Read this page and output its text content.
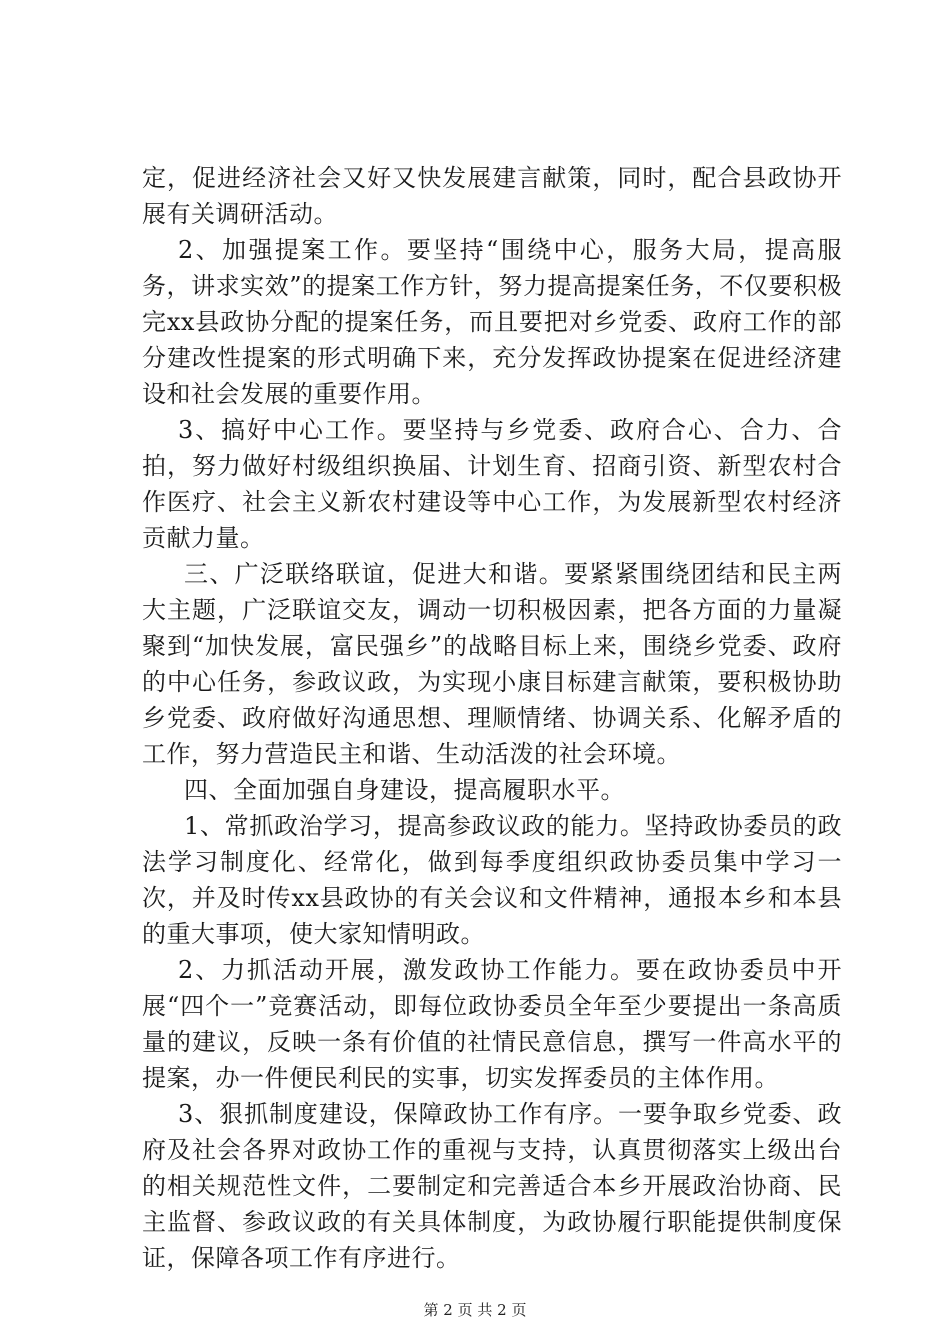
定，促进经济社会又好又快发展建言献策，同时，配合县政协开展有关调研活动。

2、加强提案工作。要坚持“围绕中心，服务大局，提高服务，讲求实效”的提案工作方针，努力提高提案任务，不仅要积极完xx县政协分配的提案任务，而且要把对乡党委、政府工作的部分建改性提案的形式明确下来，充分发挥政协提案在促进经济建设和社会发展的重要作用。

3、搞好中心工作。要坚持与乡党委、政府合心、合力、合拍，努力做好村级组织换届、计划生育、招商引资、新型农村合作医疗、社会主义新农村建设等中心工作，为发展新型农村经济贡献力量。

三、广泛联络联谊，促进大和谐。要紧紧围绕团结和民主两大主题，广泛联谊交友，调动一切积极因素，把各方面的力量凝聚到“加快发展，富民强乡”的战略目标上来，围绕乡党委、政府的中心任务，参政议政，为实现小康目标建言献策，要积极协助乡党委、政府做好沟通思想、理顺情绪、协调关系、化解矛盾的工作，努力营造民主和谐、生动活泼的社会环境。

四、全面加强自身建设，提高履职水平。

1、常抓政治学习，提高参政议政的能力。坚持政协委员的政法学习制度化、经常化，做到每季度组织政协委员集中学习一次，并及时传xx县政协的有关会议和文件精神，通报本乡和本县的重大事项，使大家知情明政。

2、力抓活动开展，激发政协工作能力。要在政协委员中开展“四个一”竞赛活动，即每位政协委员全年至少要提出一条高质量的建议，反映一条有价值的社情民意信息，撰写一件高水平的提案，办一件便民利民的实事，切实发挥委员的主体作用。

3、狠抓制度建设，保障政协工作有序。一要争取乡党委、政府及社会各界对政协工作的重视与支持，认真贯彻落实上级出台的相关规范性文件，二要制定和完善适合本乡开展政治协商、民主监督、参政议政的有关具体制度，为政协履行职能提供制度保证，保障各项工作有序进行。

第 2 页 共 2 页
